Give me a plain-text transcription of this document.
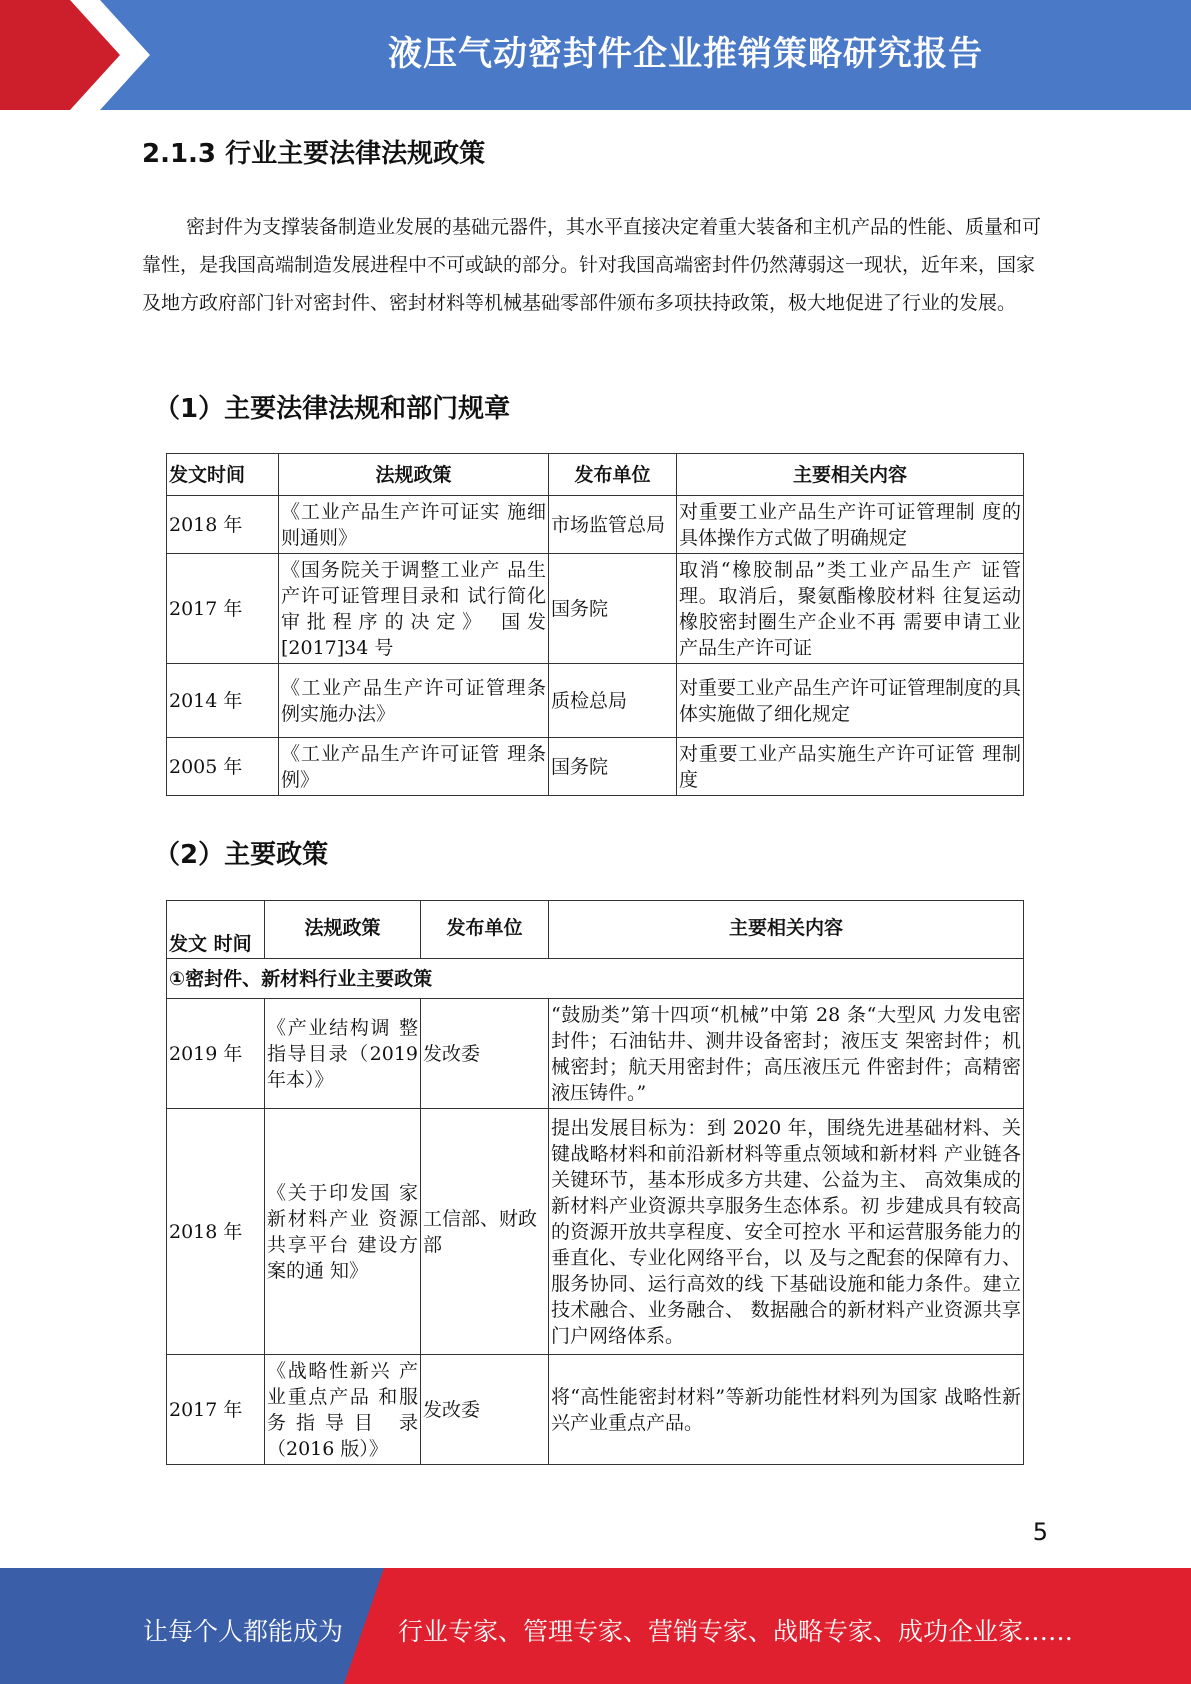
液压气动密封件企业推销策略研究报告
2.1.3 行业主要法律法规政策

密封件为支撑装备制造业发展的基础元器件，其水平直接决定着重大装备和主机产品的性能、质量和可靠性，是我国高端制造发展进程中不可或缺的部分。针对我国高端密封件仍然薄弱这一现状，近年来，国家及地方政府部门针对密封件、密封材料等机械基础零部件颁布多项扶持政策，极大地促进了行业的发展。

（1）主要法律法规和部门规章
发文时间	法规政策	发布单位	主要相关内容
2018 年	《工业产品生产许可证实 施细则通则》	市场监管总局	对重要工业产品生产许可证管理制 度的具体操作方式做了明确规定
2017 年	《国务院关于调整工业产 品生产许可证管理目录和 试行简化审批程序的决定》 国发[2017]34 号	国务院	取消“橡胶制品”类工业产品生产 证管理。取消后，聚氨酯橡胶材料 往复运动橡胶密封圈生产企业不再 需要申请工业产品生产许可证
2014 年	《工业产品生产许可证管理条例实施办法》	质检总局	对重要工业产品生产许可证管理制度的具体实施做了细化规定
2005 年	《工业产品生产许可证管 理条例》	国务院	对重要工业产品实施生产许可证管 理制度
（2）主要政策
发文 时间	法规政策	发布单位	主要相关内容
①密封件、新材料行业主要政策			
2019 年	《产业结构调 整指导目录（2019 年本）》	发改委	“鼓励类”第十四项“机械”中第 28 条“大型风 力发电密封件；石油钻井、测井设备密封；液压支 架密封件；机械密封；航天用密封件；高压液压元 件密封件；高精密液压铸件。”
2018 年	《关于印发国 家新材料产业 资源共享平台 建设方案的通 知》	工信部、财政部	提出发展目标为：到 2020 年，围绕先进基础材料、关键战略材料和前沿新材料等重点领域和新材料 产业链各关键环节，基本形成多方共建、公益为主、 高效集成的新材料产业资源共享服务生态体系。初 步建成具有较高的资源开放共享程度、安全可控水 平和运营服务能力的垂直化、专业化网络平台，以 及与之配套的保障有力、服务协同、运行高效的线 下基础设施和能力条件。建立技术融合、业务融合、 数据融合的新材料产业资源共享门户网络体系。
2017 年	《战略性新兴 产业重点产品 和服务指导目 录（2016 版）》	发改委	将“高性能密封材料”等新功能性材料列为国家 战略性新兴产业重点产品。
5
让每个人都能成为 行业专家、管理专家、营销专家、战略专家、成功企业家……
